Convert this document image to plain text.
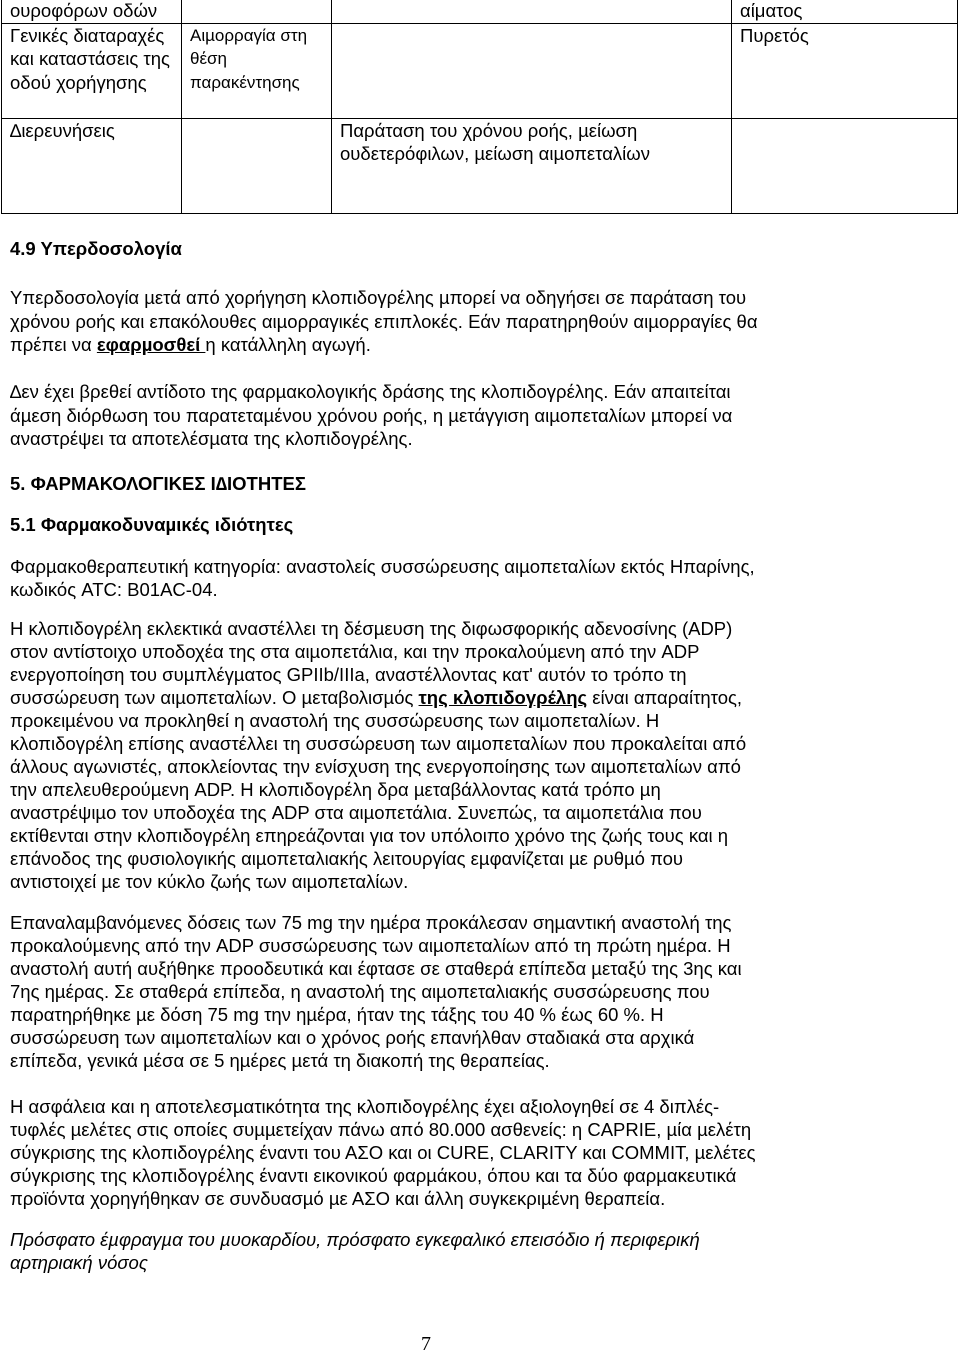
ουροφόρων οδών			αίματος
Γενικές διαταραχές και καταστάσεις της οδού χορήγησης	Αιµορραγία στη θέση παρακέντησης		Πυρετός
∆ιερευνήσεις		Παράταση του χρόνου ροής, µείωση ουδετερόφιλων, µείωση αιµοπεταλίων	
4.9 Υπερδοσολογία
Υπερδοσολογία µετά από χορήγηση κλοπιδογρέλης µπορεί να οδηγήσει σε παράταση του
χρόνου ροής και επακόλουθες αιµορραγικές επιπλοκές. Εάν παρατηρηθούν αιµορραγίες θα
πρέπει να εφαρµοσθεί η κατάλληλη αγωγή.
∆εν έχει βρεθεί αντίδοτο της φαρµακολογικής δράσης της κλοπιδογρέλης. Εάν απαιτείται
άµεση διόρθωση του παρατεταµένου χρόνου ροής, η µετάγγιση αιµοπεταλίων µπορεί να
αναστρέψει τα αποτελέσµατα της κλοπιδογρέλης.
5. ΦΑΡΜΑΚΟΛΟΓΙΚΕΣ Ι∆ΙΟΤΗΤΕΣ
5.1 Φαρµακοδυναµικές ιδιότητες
Φαρµακοθεραπευτική κατηγορία: αναστολείς συσσώρευσης αιµοπεταλίων εκτός Ηπαρίνης,
κωδικός ATC: B01AC-04.
Η κλοπιδογρέλη εκλεκτικά αναστέλλει τη δέσµευση της διφωσφορικής αδενοσίνης (ADP)
στον αντίστοιχο υποδοχέα της στα αιµοπετάλια, και την προκαλούµενη από την ADP
ενεργοποίηση του συµπλέγµατος GPIIb/IIIa, αναστέλλοντας κατ' αυτόν το τρόπο τη
συσσώρευση των αιµοπεταλίων. Ο µεταβολισµός της κλοπιδογρέλης είναι απαραίτητος,
προκειµένου να προκληθεί η αναστολή της συσσώρευσης των αιµοπεταλίων. Η
κλοπιδογρέλη επίσης αναστέλλει τη συσσώρευση των αιµοπεταλίων που προκαλείται από
άλλους αγωνιστές, αποκλείοντας την ενίσχυση της ενεργοποίησης των αιµοπεταλίων από
την απελευθερούµενη ADP. Η κλοπιδογρέλη δρα µεταβάλλοντας κατά τρόπο µη
αναστρέψιµο τον υποδοχέα της ADP στα αιµοπετάλια. Συνεπώς, τα αιµοπετάλια που
εκτίθενται στην κλοπιδογρέλη επηρεάζονται για τον υπόλοιπο χρόνο της ζωής τους και η
επάνοδος της φυσιολογικής αιµοπεταλιακής λειτουργίας εµφανίζεται µε ρυθµό που
αντιστοιχεί µε τον κύκλο ζωής των αιµοπεταλίων.
Επαναλαµβανόµενες δόσεις των 75 mg την ηµέρα προκάλεσαν σηµαντική αναστολή της
προκαλούµενης από την ADP συσσώρευσης των αιµοπεταλίων από τη πρώτη ηµέρα. Η
αναστολή αυτή αυξήθηκε προοδευτικά και έφτασε σε σταθερά επίπεδα µεταξύ της 3ης και
7ης ηµέρας. Σε σταθερά επίπεδα, η αναστολή της αιµοπεταλιακής συσσώρευσης που
παρατηρήθηκε µε δόση 75 mg την ηµέρα, ήταν της τάξης του 40 % έως 60 %. Η
συσσώρευση των αιµοπεταλίων και ο χρόνος ροής επανήλθαν σταδιακά στα αρχικά
επίπεδα, γενικά µέσα σε 5 ηµέρες µετά τη διακοπή της θεραπείας.
Η ασφάλεια και η αποτελεσµατικότητα της κλοπιδογρέλης έχει αξιολογηθεί σε 4 διπλές-
τυφλές µελέτες στις οποίες συµµετείχαν πάνω από 80.000 ασθενείς: η CAPRIE, µία µελέτη
σύγκρισης της κλοπιδογρέλης έναντι του ΑΣΟ και οι CURE, CLARITY και COMMIT, µελέτες
σύγκρισης της κλοπιδογρέλης έναντι εικονικού φαρµάκου, όπου και τα δύο φαρµακευτικά
προϊόντα χορηγήθηκαν σε συνδυασµό µε ΑΣΟ και άλλη συγκεκριµένη θεραπεία.
Πρόσφατο έµφραγµα του µυοκαρδίου, πρόσφατο εγκεφαλικό επεισόδιο ή περιφερική
αρτηριακή νόσος
7
